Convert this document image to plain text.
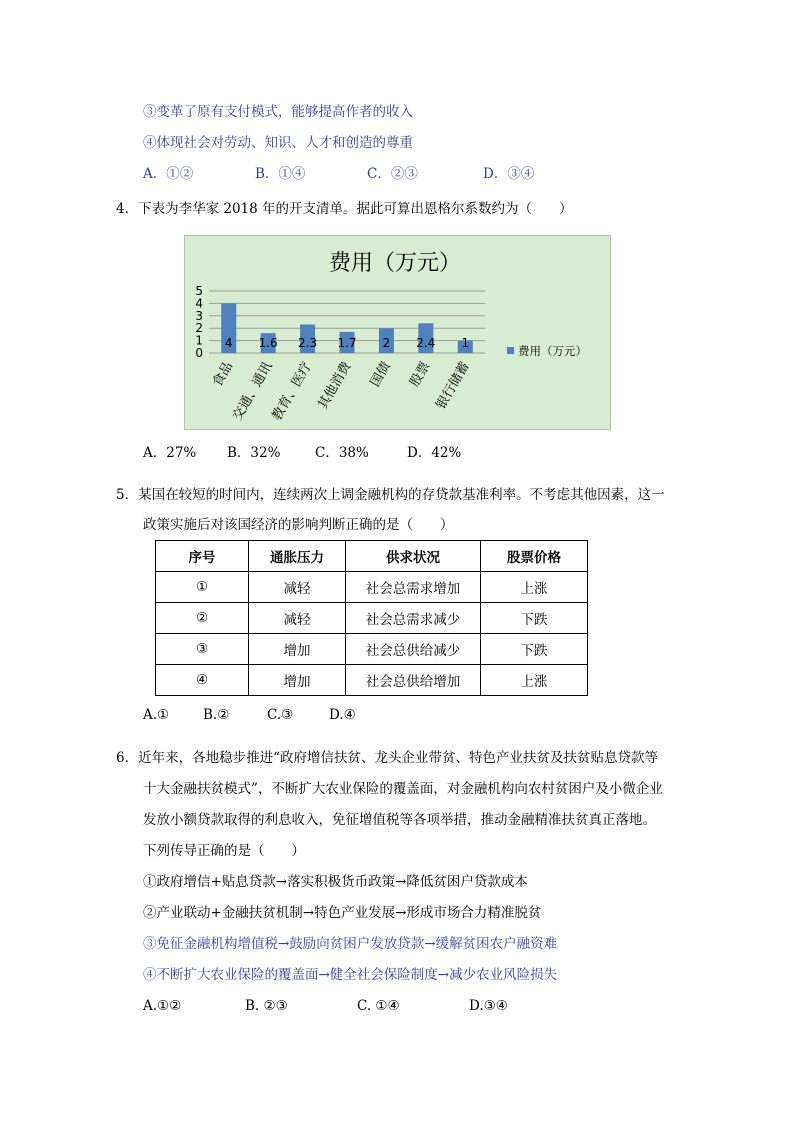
③变革了原有支付模式，能够提高作者的收入
④体现社会对劳动、知识、人才和创造的尊重
A．①②	B．①④	C．②③	D．③④
4．下表为李华家 2018 年的开支清单。据此可算出恩格尔系数约为（　　）
费用（万元）
0
1
2
3
4
5
4
食品
1.6
交通、通讯
2.3
教育、医疗
1.7
其他消费
2
国债
2.4
股票
1
银行储蓄
费用（万元）
A．27% B．32%	C．38%	D．42%
5．某国在较短的时间内，连续两次上调金融机构的存贷款基准利率。不考虑其他因素，这一
政策实施后对该国经济的影响判断正确的是（　　）
序号	通胀压力	供求状况	股票价格
①	减轻	社会总需求增加	上涨
②	减轻	社会总需求减少	下跌
③	增加	社会总供给减少	下跌
④	增加	社会总供给增加	上涨
A.①	B.②	C.③	D.④
6．近年来，各地稳步推进“政府增信扶贫、龙头企业带贫、特色产业扶贫及扶贫贴息贷款等
十大金融扶贫模式”，不断扩大农业保险的覆盖面，对金融机构向农村贫困户及小微企业
发放小额贷款取得的利息收入，免征增值税等各项举措，推动金融精准扶贫真正落地。
下列传导正确的是（　　）
①政府增信+贴息贷款→落实积极货币政策→降低贫困户贷款成本
②产业联动+金融扶贫机制→特色产业发展→形成市场合力精准脱贫
③免征金融机构增值税→鼓励向贫困户发放贷款→缓解贫困农户融资难
④不断扩大农业保险的覆盖面→健全社会保险制度→减少农业风险损失
A.①②	B. ②③	C. ①④	D.③④
